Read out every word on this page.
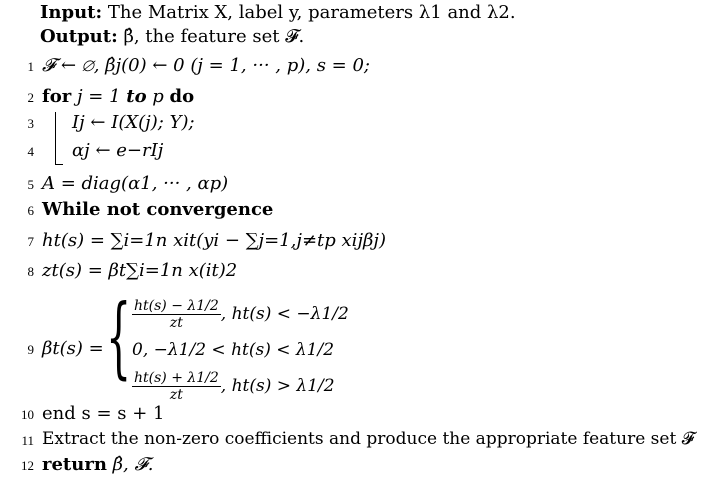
Input: The Matrix X, label y, parameters λ1 and λ2.
Output: β̂, the feature set 𝓕.
1 𝓕 ← ∅, β̂j(0) ← 0 (j = 1, ··· , p), s = 0;
2 for j = 1 to p do
3 Ij ← I(X(j); Y);
4 αj ← e−rIj
5 A = diag(α1, ··· , αp)
6 While not convergence
7 ht(s) = ∑i=1n xit(yi − ∑j=1,j≠tp xijβj)
8 zt(s) = βt∑i=1n x(it)2
9 βt(s) = { $\frac{ht(s) - \lambda 1/2}{zt}$ , ht(s) < −λ1/2
0, −λ1/2 < ht(s) < λ1/2
$\frac{ht(s) + \lambda 1/2}{zt}$ , ht(s) > λ1/2
10 end s = s + 1
11 Extract the non-zero coefficients and produce the appropriate feature set 𝓕
12 return β̂, 𝓕.
